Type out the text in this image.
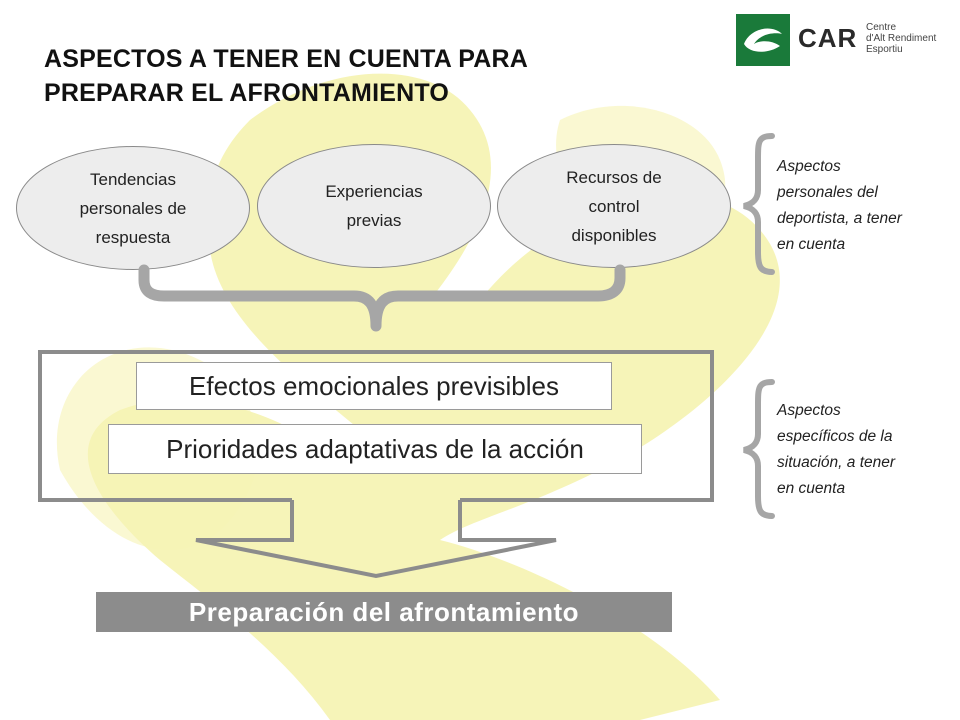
ASPECTOS A TENER EN CUENTA PARA
PREPARAR EL AFRONTAMIENTO
CAR Centre
d'Alt Rendiment
Esportiu
Tendencias
personales de
respuesta
Experiencias
previas
Recursos de
control
disponibles
Efectos emocionales previsibles
Prioridades adaptativas de la acción
Preparación del afrontamiento
Aspectos
personales del
deportista, a tener
en cuenta
Aspectos
específicos de la
situación, a tener
en cuenta
